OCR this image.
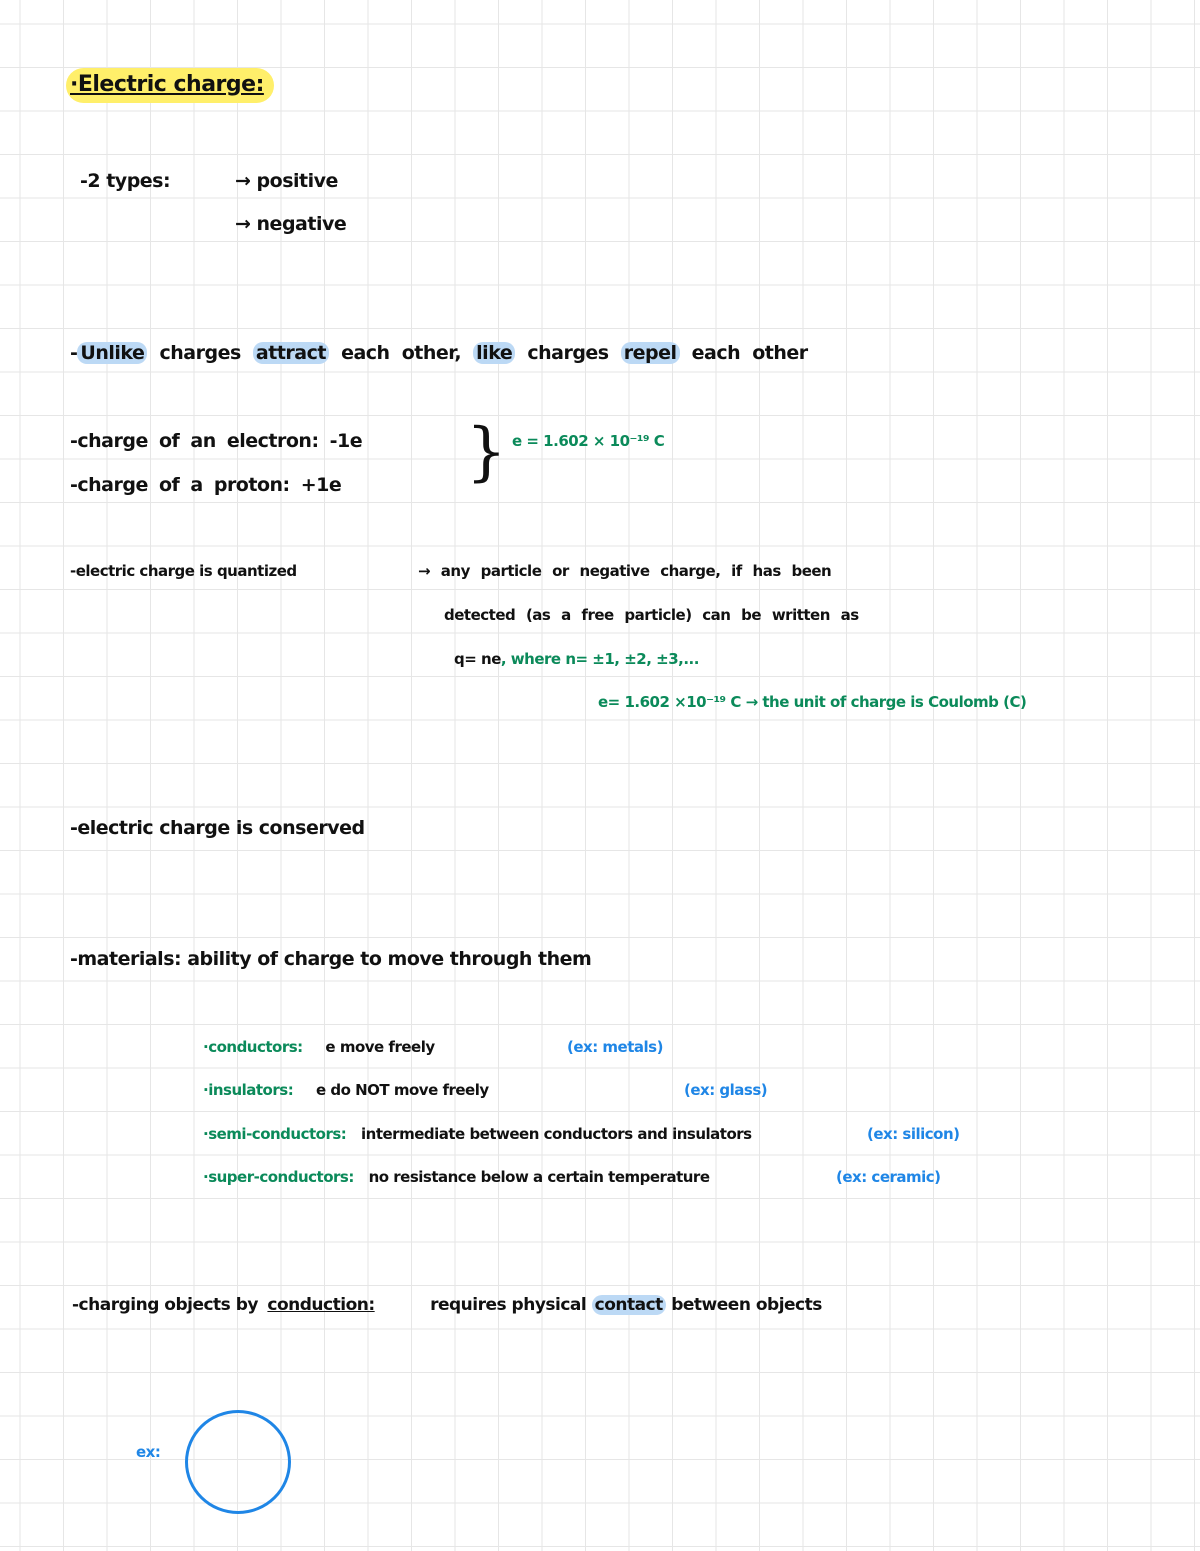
·Electric charge:
-2 types:	→ positive
→ negative
- Unlike charges attract each other, like charges repel each other
-charge of an electron: -1e
-charge of a proton: +1e } e = 1.602 × 10⁻¹⁹ C
-electric charge is quantized	→ any particle or negative charge, if has been
detected (as a free particle) can be written as
q= ne, where n= ±1, ±2, ±3,...
e= 1.602 ×10⁻¹⁹ C → the unit of charge is Coulomb (C)
-electric charge is conserved
-materials: ability of charge to move through them
·conductors: e move freely	(ex: metals)
·insulators: e do NOT move freely	(ex: glass)
·semi-conductors: intermediate between conductors and insulators	(ex: silicon)
·super-conductors: no resistance below a certain temperature	(ex: ceramic)
-charging objects by conduction:	requires physical contact between objects
ex:
